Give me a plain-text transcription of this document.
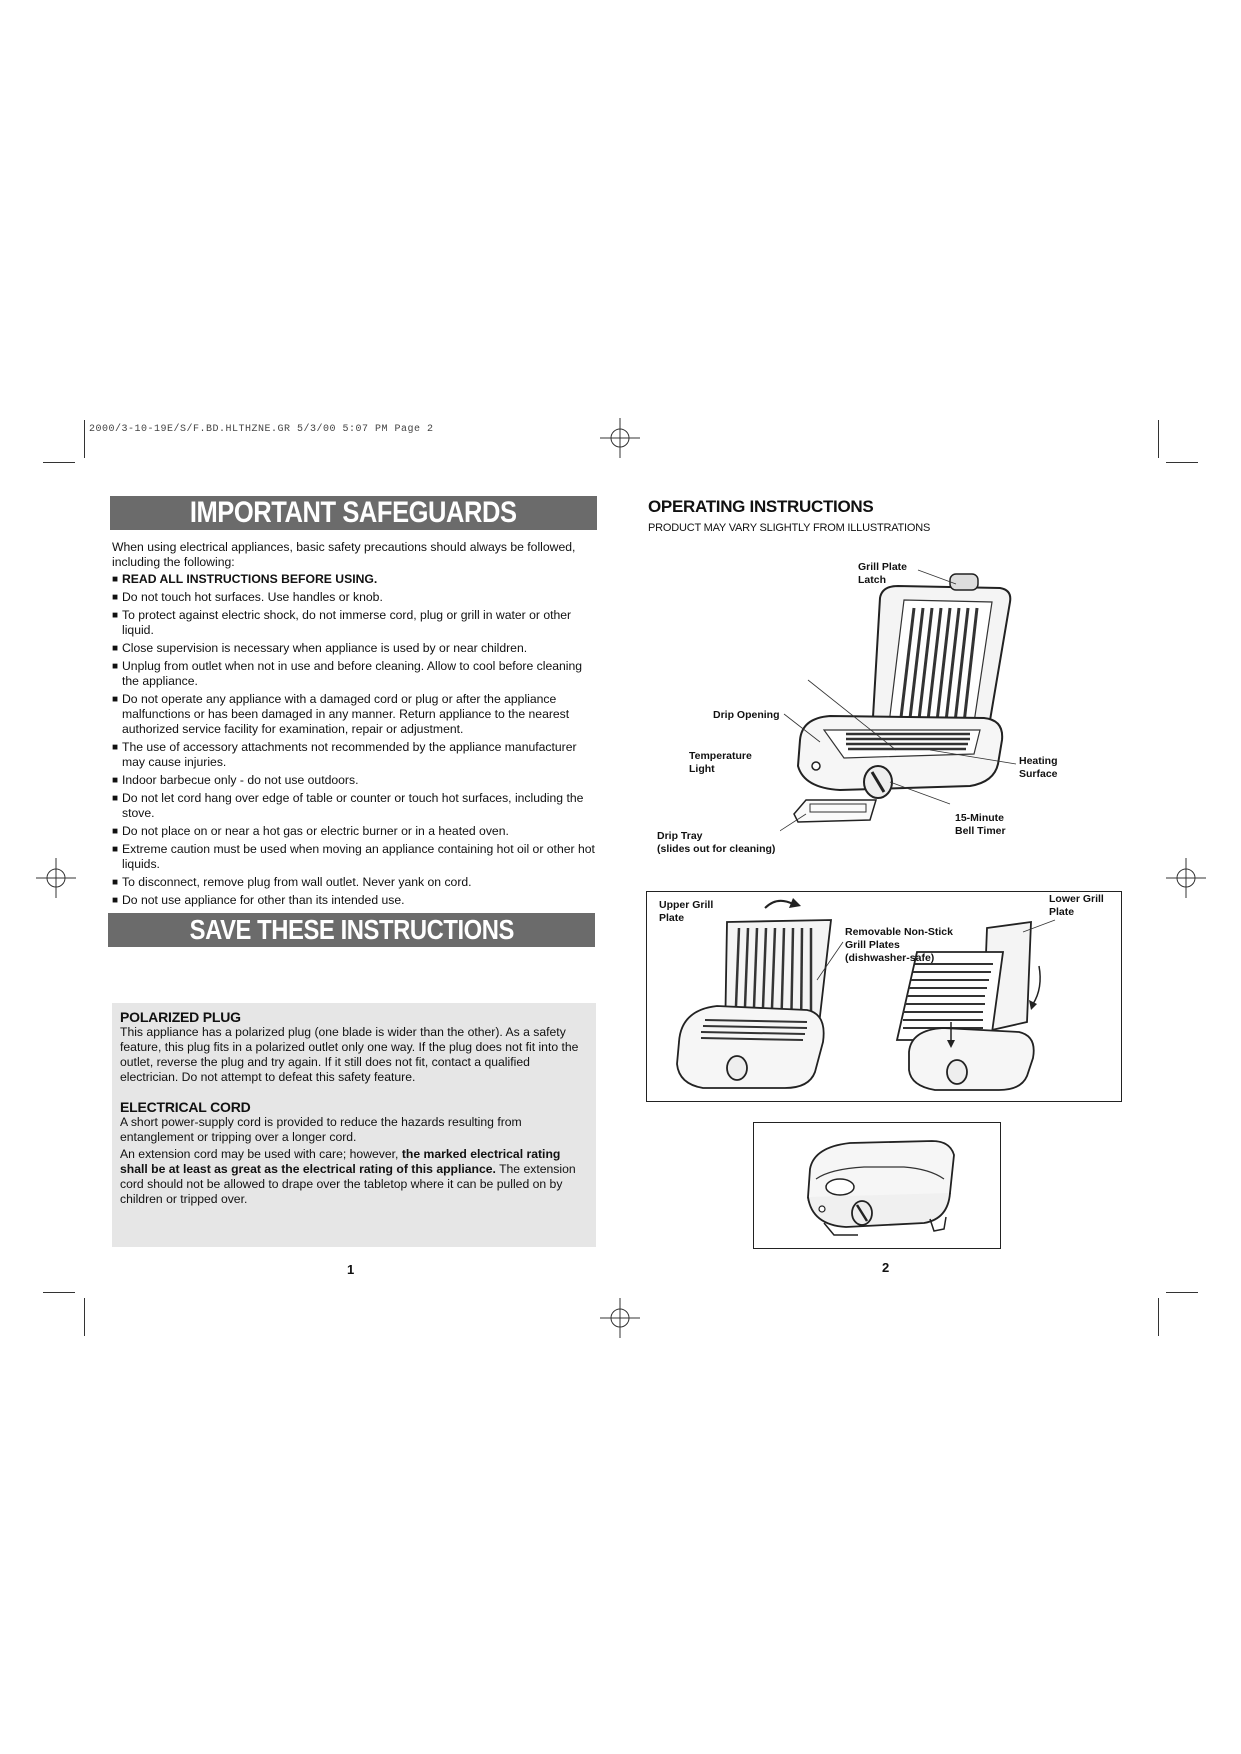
2000/3-10-19E/S/F.BD.HLTHZNE.GR 5/3/00 5:07 PM Page 2
IMPORTANT SAFEGUARDS
When using electrical appliances, basic safety precautions should always be followed, including the following:
■ READ ALL INSTRUCTIONS BEFORE USING.
■ Do not touch hot surfaces. Use handles or knob.
■ To protect against electric shock, do not immerse cord, plug or grill in water or other liquid.
■ Close supervision is necessary when appliance is used by or near children.
■ Unplug from outlet when not in use and before cleaning. Allow to cool before cleaning the appliance.
■ Do not operate any appliance with a damaged cord or plug or after the appliance malfunctions or has been damaged in any manner. Return appliance to the nearest authorized service facility for examination, repair or adjustment.
■ The use of accessory attachments not recommended by the appliance manufacturer may cause injuries.
■ Indoor barbecue only - do not use outdoors.
■ Do not let cord hang over edge of table or counter or touch hot surfaces, including the stove.
■ Do not place on or near a hot gas or electric burner or in a heated oven.
■ Extreme caution must be used when moving an appliance containing hot oil or other hot liquids.
■ To disconnect, remove plug from wall outlet. Never yank on cord.
■ Do not use appliance for other than its intended use.
SAVE THESE INSTRUCTIONS
POLARIZED PLUG

This appliance has a polarized plug (one blade is wider than the other). As a safety feature, this plug fits in a polarized outlet only one way. If the plug does not fit into the outlet, reverse the plug and try again. If it still does not fit, contact a qualified electrician. Do not attempt to defeat this safety feature.

ELECTRICAL CORD

A short power-supply cord is provided to reduce the hazards resulting from entanglement or tripping over a longer cord.

An extension cord may be used with care; however, the marked electrical rating shall be at least as great as the electrical rating of this appliance. The extension cord should not be allowed to drape over the tabletop where it can be pulled on by children or tripped over.

1
OPERATING INSTRUCTIONS
PRODUCT MAY VARY SLIGHTLY FROM ILLUSTRATIONS
Grill Plate
Latch
Drip Opening
Temperature
Light
Heating
Surface
15-Minute
Bell Timer
Drip Tray
(slides out for cleaning)
Upper Grill
Plate
Lower Grill
Plate
Removable Non-Stick
Grill Plates
(dishwasher-safe)
2
